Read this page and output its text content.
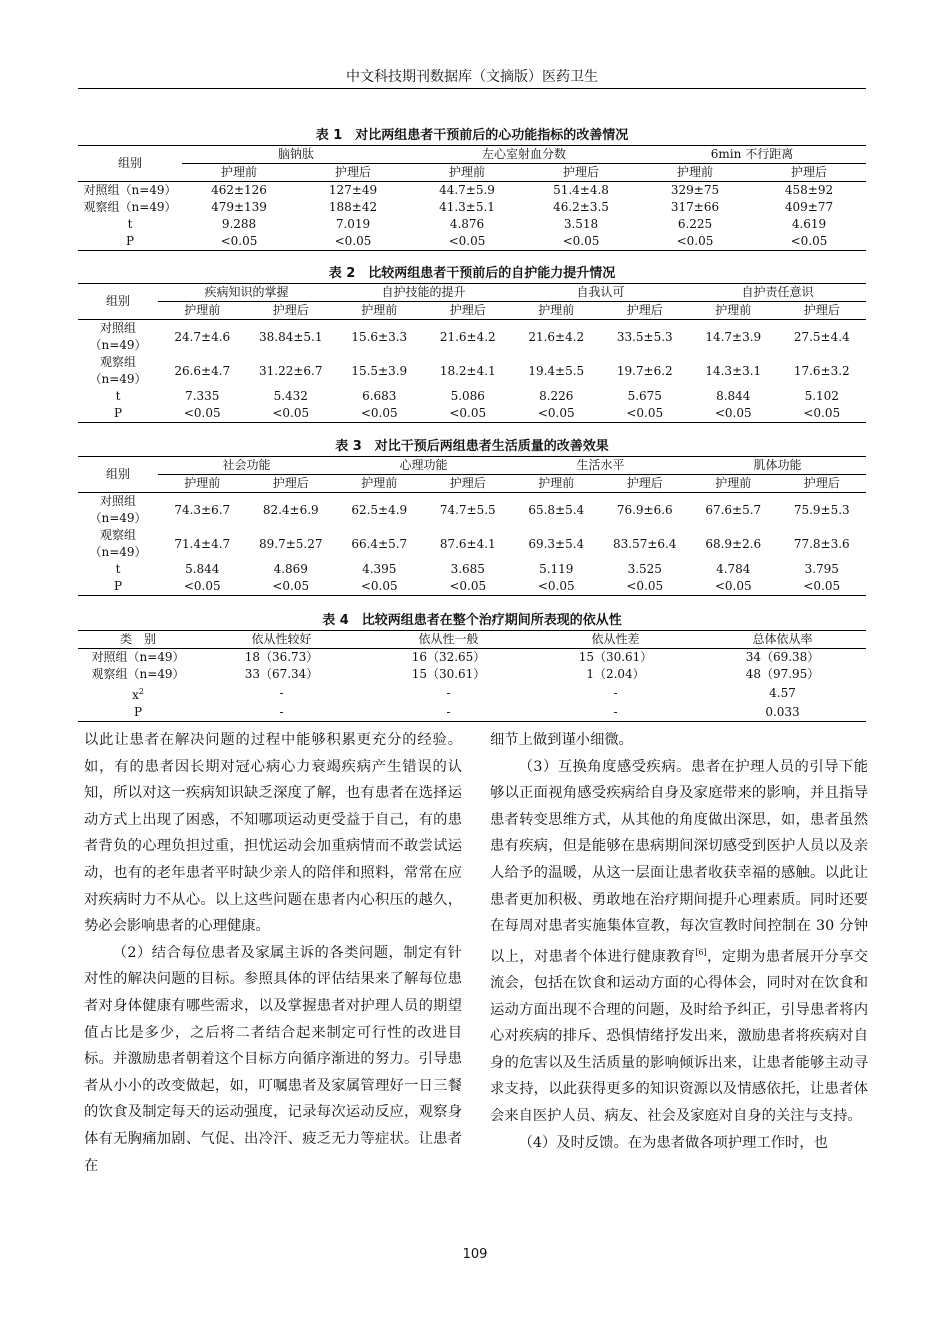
中文科技期刊数据库（文摘版）医药卫生
表 1　对比两组患者干预前后的心功能指标的改善情况
组别	脑钠肽		左心室射血分数		6min 不行距离	
	护理前	护理后	护理前	护理后	护理前	护理后
对照组（n=49）	462±126	127±49	44.7±5.9	51.4±4.8	329±75	458±92
观察组（n=49）	479±139	188±42	41.3±5.1	46.2±3.5	317±66	409±77
t	9.288	7.019	4.876	3.518	6.225	4.619
P	<0.05	<0.05	<0.05	<0.05	<0.05	<0.05
表 2　比较两组患者干预前后的自护能力提升情况
组别	疾病知识的掌握		自护技能的提升		自我认可		自护责任意识	
	护理前	护理后	护理前	护理后	护理前	护理后	护理前	护理后
对照组
（n=49）	24.7±4.6	38.84±5.1	15.6±3.3	21.6±4.2	21.6±4.2	33.5±5.3	14.7±3.9	27.5±4.4
观察组
（n=49）	26.6±4.7	31.22±6.7	15.5±3.9	18.2±4.1	19.4±5.5	19.7±6.2	14.3±3.1	17.6±3.2
t	7.335	5.432	6.683	5.086	8.226	5.675	8.844	5.102
P	<0.05	<0.05	<0.05	<0.05	<0.05	<0.05	<0.05	<0.05
表 3　对比干预后两组患者生活质量的改善效果
组别	社会功能		心理功能		生活水平		肌体功能	
	护理前	护理后	护理前	护理后	护理前	护理后	护理前	护理后
对照组
（n=49）	74.3±6.7	82.4±6.9	62.5±4.9	74.7±5.5	65.8±5.4	76.9±6.6	67.6±5.7	75.9±5.3
观察组
（n=49）	71.4±4.7	89.7±5.27	66.4±5.7	87.6±4.1	69.3±5.4	83.57±6.4	68.9±2.6	77.8±3.6
t	5.844	4.869	4.395	3.685	5.119	3.525	4.784	3.795
P	<0.05	<0.05	<0.05	<0.05	<0.05	<0.05	<0.05	<0.05
表 4　比较两组患者在整个治疗期间所表现的依从性
类　别	依从性较好	依从性一般	依从性差	总体依从率
对照组（n=49）	18（36.73）	16（32.65）	15（30.61）	34（69.38）
观察组（n=49）	33（67.34）	15（30.61）	1（2.04）	48（97.95）
$x^2$	-	-	-	4.57
P	-	-	-	0.033

以此让患者在解决问题的过程中能够积累更充分的经验。如，有的患者因长期对冠心病心力衰竭疾病产生错误的认知，所以对这一疾病知识缺乏深度了解，也有患者在选择运动方式上出现了困惑，不知哪项运动更受益于自己，有的患者背负的心理负担过重，担忧运动会加重病情而不敢尝试运动，也有的老年患者平时缺少亲人的陪伴和照料，常常在应对疾病时力不从心。以上这些问题在患者内心积压的越久，势必会影响患者的心理健康。

（2）结合每位患者及家属主诉的各类问题，制定有针对性的解决问题的目标。参照具体的评估结果来了解每位患者对身体健康有哪些需求，以及掌握患者对护理人员的期望值占比是多少，之后将二者结合起来制定可行性的改进目标。并激励患者朝着这个目标方向循序渐进的努力。引导患者从小小的改变做起，如，叮嘱患者及家属管理好一日三餐的饮食及制定每天的运动强度，记录每次运动反应，观察身体有无胸痛加剧、气促、出冷汗、疲乏无力等症状。让患者在

细节上做到谨小细微。

（3）互换角度感受疾病。患者在护理人员的引导下能够以正面视角感受疾病给自身及家庭带来的影响，并且指导患者转变思维方式，从其他的角度做出深思，如，患者虽然患有疾病，但是能够在患病期间深切感受到医护人员以及亲人给予的温暖，从这一层面让患者收获幸福的感触。以此让患者更加积极、勇敢地在治疗期间提升心理素质。同时还要在每周对患者实施集体宣教，每次宣教时间控制在 30 分钟以上，对患者个体进行健康教育[6]，定期为患者展开分享交流会，包括在饮食和运动方面的心得体会，同时对在饮食和运动方面出现不合理的问题，及时给予纠正，引导患者将内心对疾病的排斥、恐惧情绪抒发出来，激励患者将疾病对自身的危害以及生活质量的影响倾诉出来，让患者能够主动寻求支持，以此获得更多的知识资源以及情感依托，让患者体会来自医护人员、病友、社会及家庭对自身的关注与支持。

（4）及时反馈。在为患者做各项护理工作时，也

109
